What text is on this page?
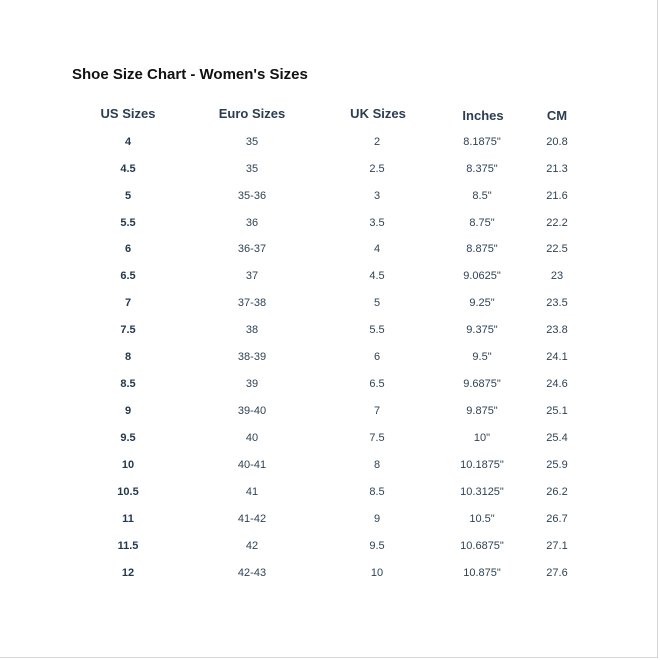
Shoe Size Chart - Women's Sizes
US Sizes	Euro Sizes	UK Sizes	Inches	CM
4	35	2	8.1875"	20.8
4.5	35	2.5	8.375"	21.3
5	35-36	3	8.5"	21.6
5.5	36	3.5	8.75"	22.2
6	36-37	4	8.875"	22.5
6.5	37	4.5	9.0625"	23
7	37-38	5	9.25"	23.5
7.5	38	5.5	9.375"	23.8
8	38-39	6	9.5"	24.1
8.5	39	6.5	9.6875"	24.6
9	39-40	7	9.875"	25.1
9.5	40	7.5	10"	25.4
10	40-41	8	10.1875"	25.9
10.5	41	8.5	10.3125"	26.2
11	41-42	9	10.5"	26.7
11.5	42	9.5	10.6875"	27.1
12	42-43	10	10.875"	27.6
